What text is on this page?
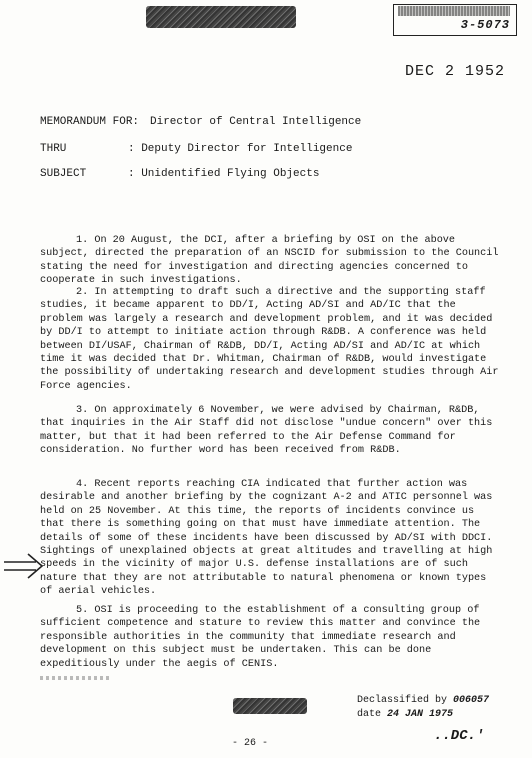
3-5073
DEC 2 1952
MEMORANDUM FOR: Director of Central Intelligence
THRU	: Deputy Director for Intelligence
SUBJECT	: Unidentified Flying Objects
1. On 20 August, the DCI, after a briefing by OSI on the above subject, directed the preparation of an NSCID for submission to the Council stating the need for investigation and directing agencies concerned to cooperate in such investigations.
2. In attempting to draft such a directive and the supporting staff studies, it became apparent to DD/I, Acting AD/SI and AD/IC that the problem was largely a research and development problem, and it was decided by DD/I to attempt to initiate action through R&DB. A conference was held between DI/USAF, Chairman of R&DB, DD/I, Acting AD/SI and AD/IC at which time it was decided that Dr. Whitman, Chairman of R&DB, would investigate the possibility of undertaking research and development studies through Air Force agencies.
3. On approximately 6 November, we were advised by Chairman, R&DB, that inquiries in the Air Staff did not disclose "undue concern" over this matter, but that it had been referred to the Air Defense Command for consideration. No further word has been received from R&DB.
4. Recent reports reaching CIA indicated that further action was desirable and another briefing by the cognizant A-2 and ATIC personnel was held on 25 November. At this time, the reports of incidents convince us that there is something going on that must have immediate attention. The details of some of these incidents have been discussed by AD/SI with DDCI. Sightings of unexplained objects at great altitudes and travelling at high speeds in the vicinity of major U.S. defense installations are of such nature that they are not attributable to natural phenomena or known types of aerial vehicles.
5. OSI is proceeding to the establishment of a consulting group of sufficient competence and stature to review this matter and convince the responsible authorities in the community that immediate research and development on this subject must be undertaken. This can be done expeditiously under the aegis of CENIS.
Declassified by 006057
date 24 JAN 1975
- 26 -	..DC.'
